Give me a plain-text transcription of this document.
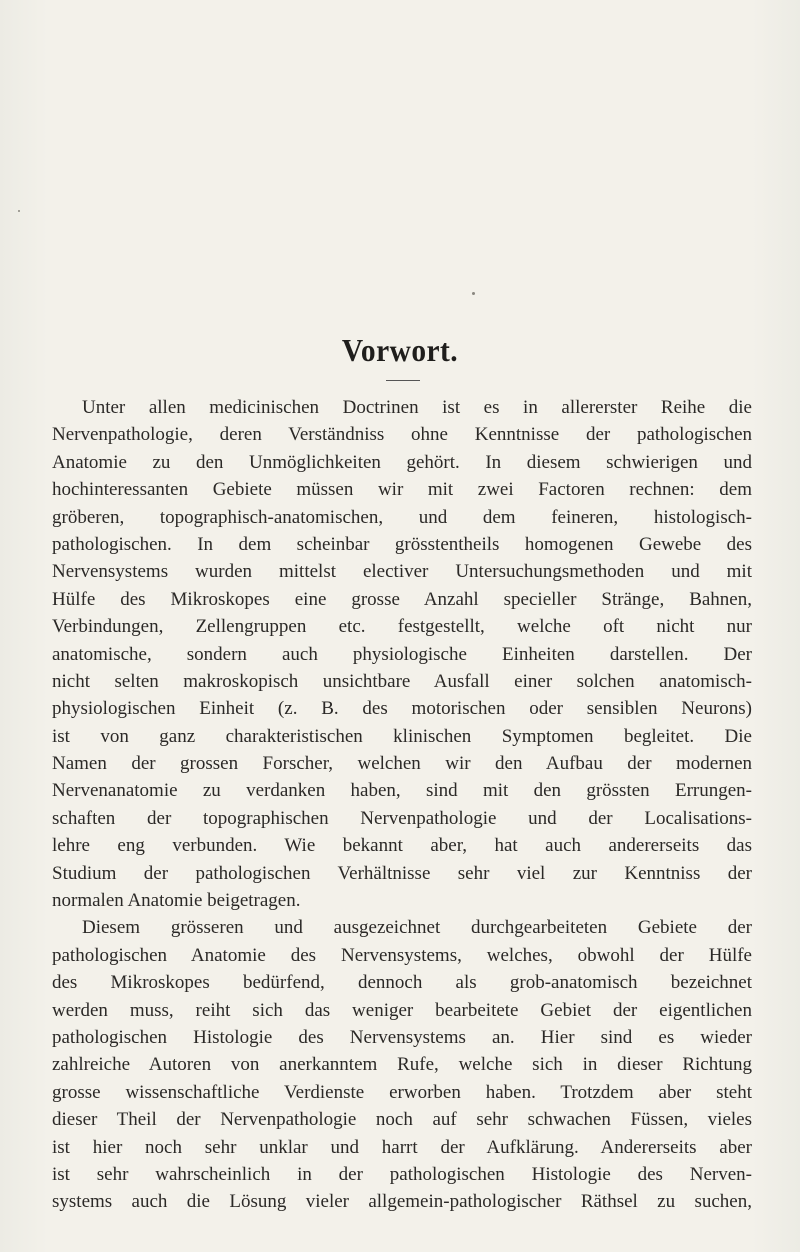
Vorwort.
Unter allen medicinischen Doctrinen ist es in allererster Reihe die
Nervenpathologie, deren Verständniss ohne Kenntnisse der pathologischen
Anatomie zu den Unmöglichkeiten gehört. In diesem schwierigen und
hochinteressanten Gebiete müssen wir mit zwei Factoren rechnen: dem
gröberen, topographisch-anatomischen, und dem feineren, histologisch-
pathologischen. In dem scheinbar grösstentheils homogenen Gewebe des
Nervensystems wurden mittelst electiver Untersuchungsmethoden und mit
Hülfe des Mikroskopes eine grosse Anzahl specieller Stränge, Bahnen,
Verbindungen, Zellengruppen etc. festgestellt, welche oft nicht nur
anatomische, sondern auch physiologische Einheiten darstellen. Der
nicht selten makroskopisch unsichtbare Ausfall einer solchen anatomisch-
physiologischen Einheit (z. B. des motorischen oder sensiblen Neurons)
ist von ganz charakteristischen klinischen Symptomen begleitet. Die
Namen der grossen Forscher, welchen wir den Aufbau der modernen
Nervenanatomie zu verdanken haben, sind mit den grössten Errungen-
schaften der topographischen Nervenpathologie und der Localisations-
lehre eng verbunden. Wie bekannt aber, hat auch andererseits das
Studium der pathologischen Verhältnisse sehr viel zur Kenntniss der
normalen Anatomie beigetragen.
Diesem grösseren und ausgezeichnet durchgearbeiteten Gebiete der
pathologischen Anatomie des Nervensystems, welches, obwohl der Hülfe
des Mikroskopes bedürfend, dennoch als grob-anatomisch bezeichnet
werden muss, reiht sich das weniger bearbeitete Gebiet der eigentlichen
pathologischen Histologie des Nervensystems an. Hier sind es wieder
zahlreiche Autoren von anerkanntem Rufe, welche sich in dieser Richtung
grosse wissenschaftliche Verdienste erworben haben. Trotzdem aber steht
dieser Theil der Nervenpathologie noch auf sehr schwachen Füssen, vieles
ist hier noch sehr unklar und harrt der Aufklärung. Andererseits aber
ist sehr wahrscheinlich in der pathologischen Histologie des Nerven-
systems auch die Lösung vieler allgemein-pathologischer Räthsel zu suchen,
